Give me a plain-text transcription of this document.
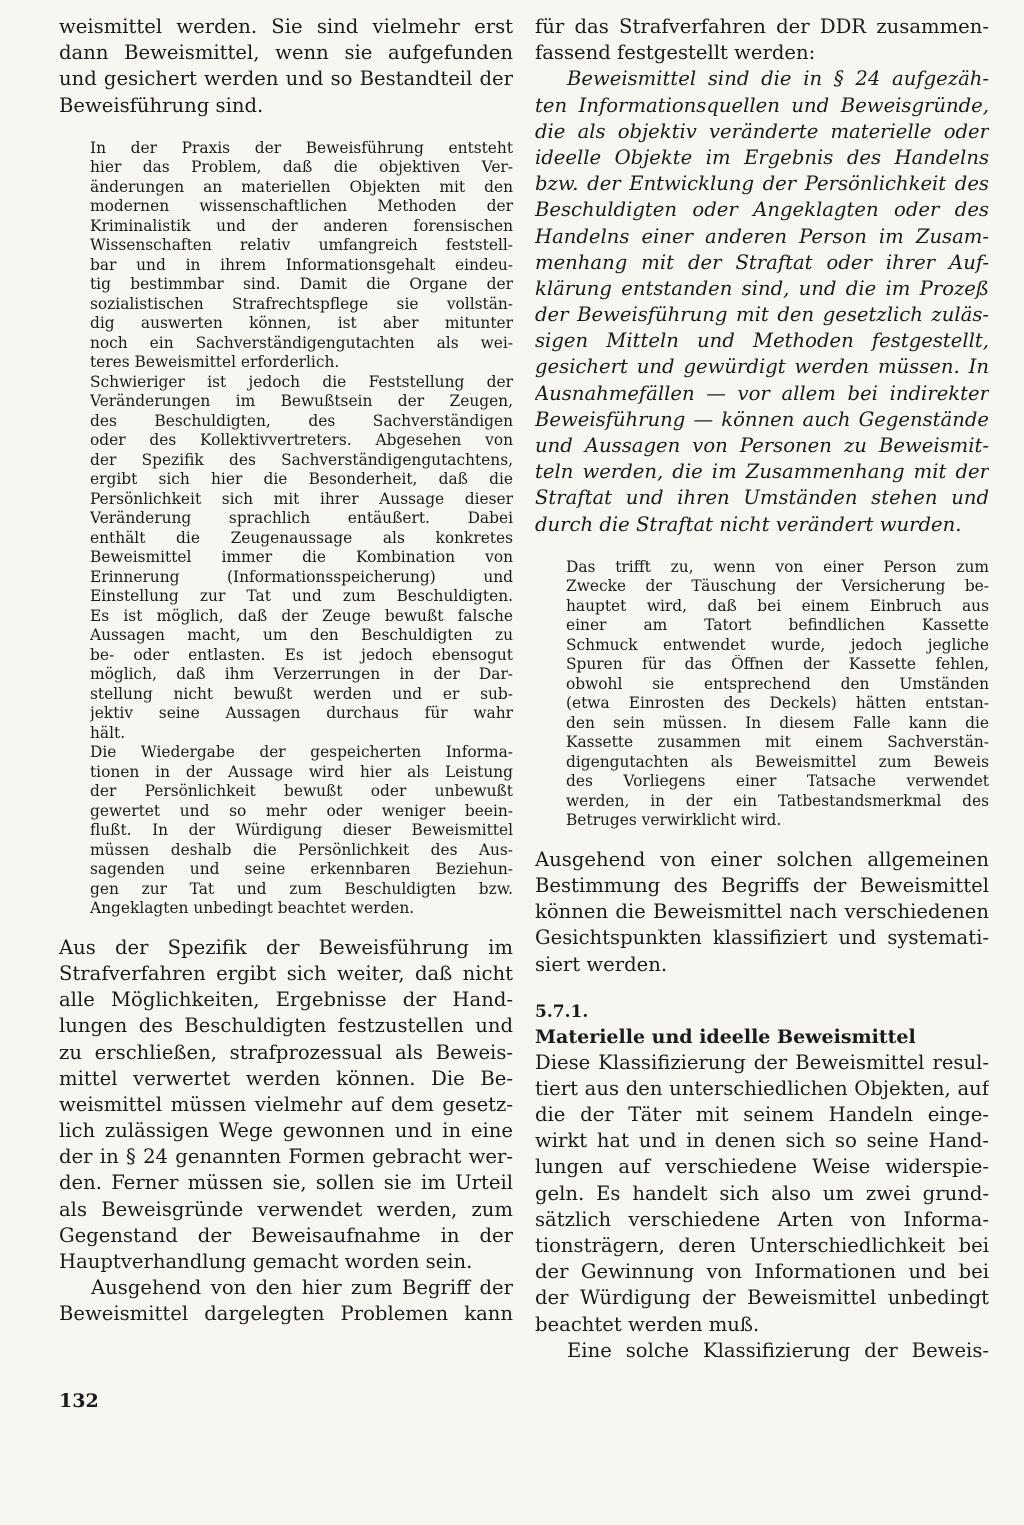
weismittel werden. Sie sind vielmehr erst
dann Beweismittel, wenn sie aufgefunden
und gesichert werden und so Bestandteil der
Beweisführung sind.
In der Praxis der Beweisführung entsteht
hier das Problem, daß die objektiven Ver-
änderungen an materiellen Objekten mit den
modernen wissenschaftlichen Methoden der
Kriminalistik und der anderen forensischen
Wissenschaften relativ umfangreich feststell-
bar und in ihrem Informationsgehalt eindeu-
tig bestimmbar sind. Damit die Organe der
sozialistischen Strafrechtspflege sie vollstän-
dig auswerten können, ist aber mitunter
noch ein Sachverständigengutachten als wei-
teres Beweismittel erforderlich.
Schwieriger ist jedoch die Feststellung der
Veränderungen im Bewußtsein der Zeugen,
des Beschuldigten, des Sachverständigen
oder des Kollektivvertreters. Abgesehen von
der Spezifik des Sachverständigengutachtens,
ergibt sich hier die Besonderheit, daß die
Persönlichkeit sich mit ihrer Aussage dieser
Veränderung sprachlich entäußert. Dabei
enthält die Zeugenaussage als konkretes
Beweismittel immer die Kombination von
Erinnerung (Informationsspeicherung) und
Einstellung zur Tat und zum Beschuldigten.
Es ist möglich, daß der Zeuge bewußt falsche
Aussagen macht, um den Beschuldigten zu
be- oder entlasten. Es ist jedoch ebensogut
möglich, daß ihm Verzerrungen in der Dar-
stellung nicht bewußt werden und er sub-
jektiv seine Aussagen durchaus für wahr
hält.
Die Wiedergabe der gespeicherten Informa-
tionen in der Aussage wird hier als Leistung
der Persönlichkeit bewußt oder unbewußt
gewertet und so mehr oder weniger beein-
flußt. In der Würdigung dieser Beweismittel
müssen deshalb die Persönlichkeit des Aus-
sagenden und seine erkennbaren Beziehun-
gen zur Tat und zum Beschuldigten bzw.
Angeklagten unbedingt beachtet werden.
Aus der Spezifik der Beweisführung im
Strafverfahren ergibt sich weiter, daß nicht
alle Möglichkeiten, Ergebnisse der Hand-
lungen des Beschuldigten festzustellen und
zu erschließen, strafprozessual als Beweis-
mittel verwertet werden können. Die Be-
weismittel müssen vielmehr auf dem gesetz-
lich zulässigen Wege gewonnen und in eine
der in § 24 genannten Formen gebracht wer-
den. Ferner müssen sie, sollen sie im Urteil
als Beweisgründe verwendet werden, zum
Gegenstand der Beweisaufnahme in der
Hauptverhandlung gemacht worden sein.
Ausgehend von den hier zum Begriff der
Beweismittel dargelegten Problemen kann
für das Strafverfahren der DDR zusammen-
fassend festgestellt werden:
Beweismittel sind die in § 24 aufgezäh-
ten Informationsquellen und Beweisgründe,
die als objektiv veränderte materielle oder
ideelle Objekte im Ergebnis des Handelns
bzw. der Entwicklung der Persönlichkeit des
Beschuldigten oder Angeklagten oder des
Handelns einer anderen Person im Zusam-
menhang mit der Straftat oder ihrer Auf-
klärung entstanden sind, und die im Prozeß
der Beweisführung mit den gesetzlich zuläs-
sigen Mitteln und Methoden festgestellt,
gesichert und gewürdigt werden müssen. In
Ausnahmefällen — vor allem bei indirekter
Beweisführung — können auch Gegenstände
und Aussagen von Personen zu Beweismit-
teln werden, die im Zusammenhang mit der
Straftat und ihren Umständen stehen und
durch die Straftat nicht verändert wurden.
Das trifft zu, wenn von einer Person zum
Zwecke der Täuschung der Versicherung be-
hauptet wird, daß bei einem Einbruch aus
einer am Tatort befindlichen Kassette
Schmuck entwendet wurde, jedoch jegliche
Spuren für das Öffnen der Kassette fehlen,
obwohl sie entsprechend den Umständen
(etwa Einrosten des Deckels) hätten entstan-
den sein müssen. In diesem Falle kann die
Kassette zusammen mit einem Sachverstän-
digengutachten als Beweismittel zum Beweis
des Vorliegens einer Tatsache verwendet
werden, in der ein Tatbestandsmerkmal des
Betruges verwirklicht wird.
Ausgehend von einer solchen allgemeinen
Bestimmung des Begriffs der Beweismittel
können die Beweismittel nach verschiedenen
Gesichtspunkten klassifiziert und systemati-
siert werden.
5.7.1.
Materielle und ideelle Beweismittel
Diese Klassifizierung der Beweismittel resul-
tiert aus den unterschiedlichen Objekten, auf
die der Täter mit seinem Handeln einge-
wirkt hat und in denen sich so seine Hand-
lungen auf verschiedene Weise widerspie-
geln. Es handelt sich also um zwei grund-
sätzlich verschiedene Arten von Informa-
tionsträgern, deren Unterschiedlichkeit bei
der Gewinnung von Informationen und bei
der Würdigung der Beweismittel unbedingt
beachtet werden muß.
Eine solche Klassifizierung der Beweis-
132
